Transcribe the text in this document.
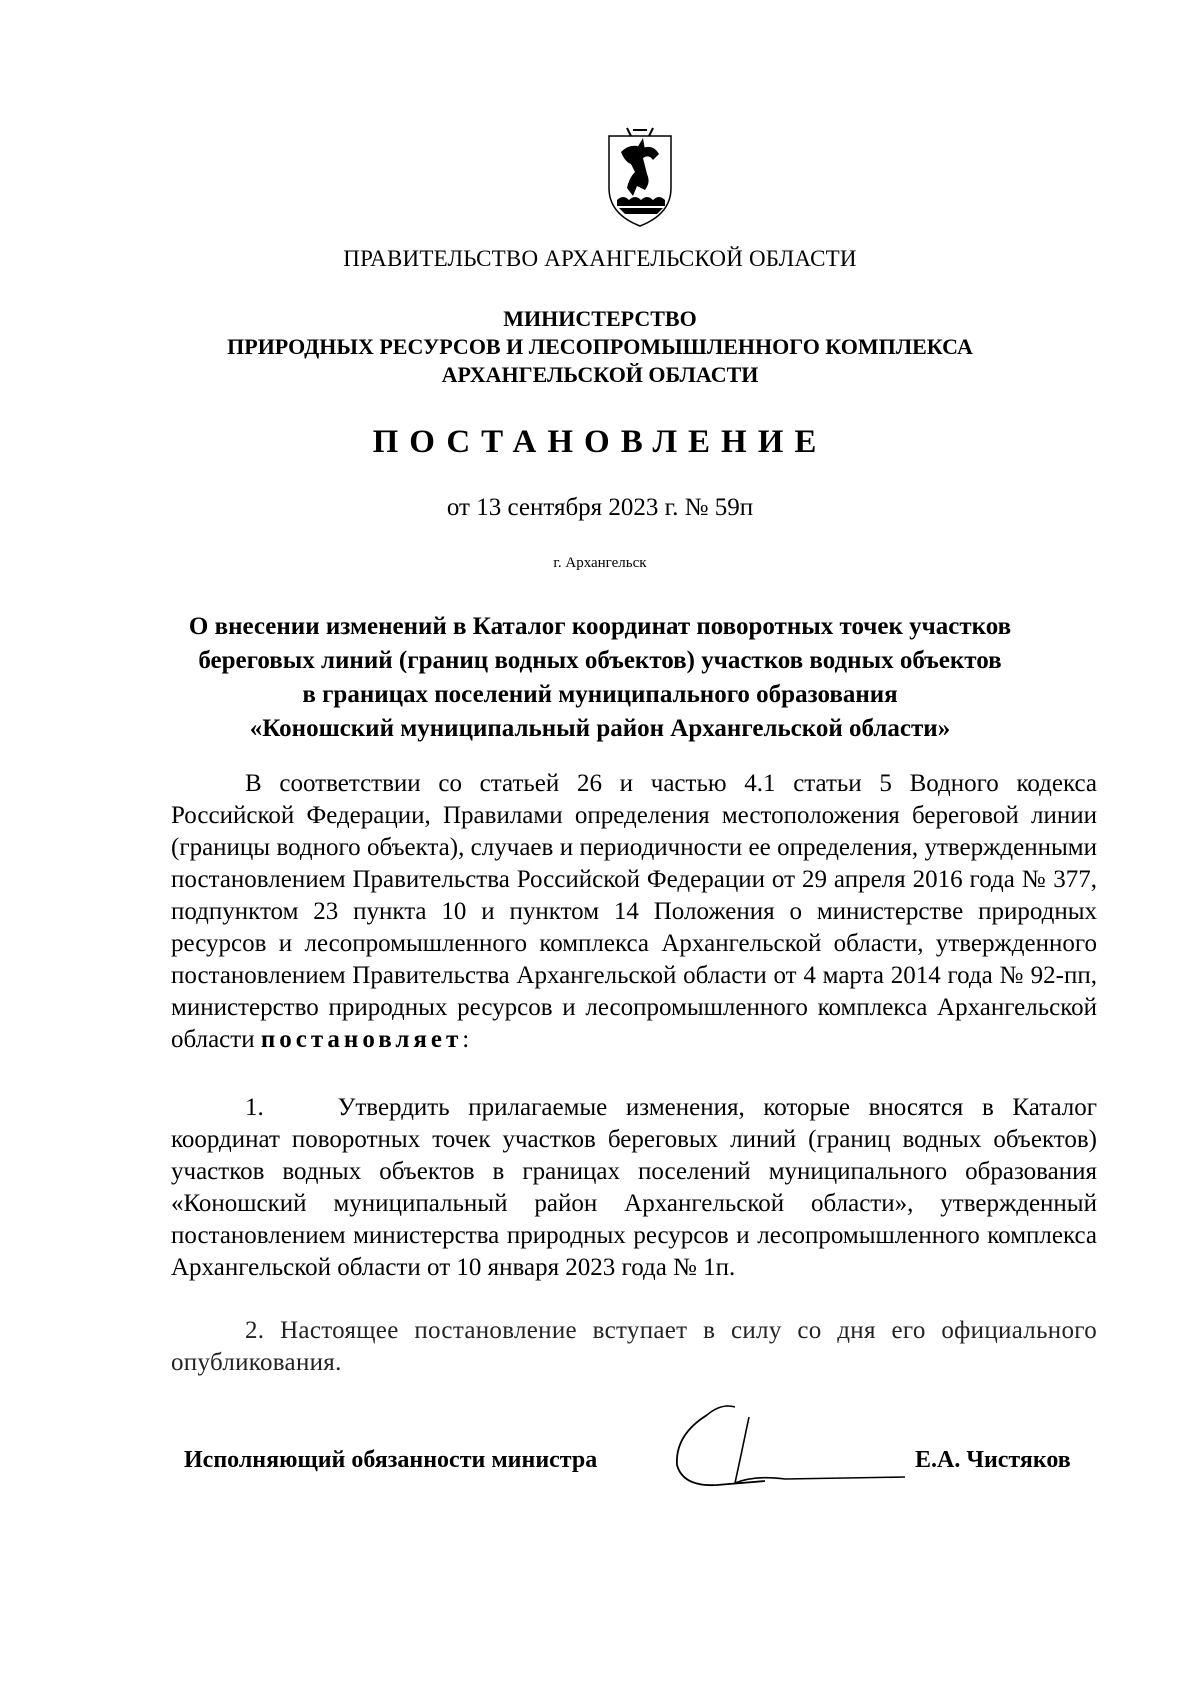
ПРАВИТЕЛЬСТВО АРХАНГЕЛЬСКОЙ ОБЛАСТИ
МИНИСТЕРСТВО
ПРИРОДНЫХ РЕСУРСОВ И ЛЕСОПРОМЫШЛЕННОГО КОМПЛЕКСА
АРХАНГЕЛЬСКОЙ ОБЛАСТИ
ПОСТАНОВЛЕНИЕ
от 13 сентября 2023 г. № 59п
г. Архангельск
О внесении изменений в Каталог координат поворотных точек участков
береговых линий (границ водных объектов) участков водных объектов
в границах поселений муниципального образования
«Коношский муниципальный район Архангельской области»

В соответствии со статьей 26 и частью 4.1 статьи 5 Водного кодекса Российской Федерации, Правилами определения местоположения береговой линии (границы водного объекта), случаев и периодичности ее определения, утвержденными постановлением Правительства Российской Федерации от 29 апреля 2016 года № 377, подпунктом 23 пункта 10 и пунктом 14 Положения о министерстве природных ресурсов и лесопромышленного комплекса Архангельской области, утвержденного постановлением Правительства Архангельской области от 4 марта 2014 года № 92-пп, министерство природных ресурсов и лесопромышленного комплекса Архангельской области постановляет:

1.	Утвердить прилагаемые изменения, которые вносятся в Каталог координат поворотных точек участков береговых линий (границ водных объектов) участков водных объектов в границах поселений муниципального образования «Коношский муниципальный район Архангельской области», утвержденный постановлением министерства природных ресурсов и лесопромышленного комплекса Архангельской области от 10 января 2023 года № 1п.

2. Настоящее постановление вступает в силу со дня его официального опубликования.

Исполняющий обязанности министра	Е.А. Чистяков
